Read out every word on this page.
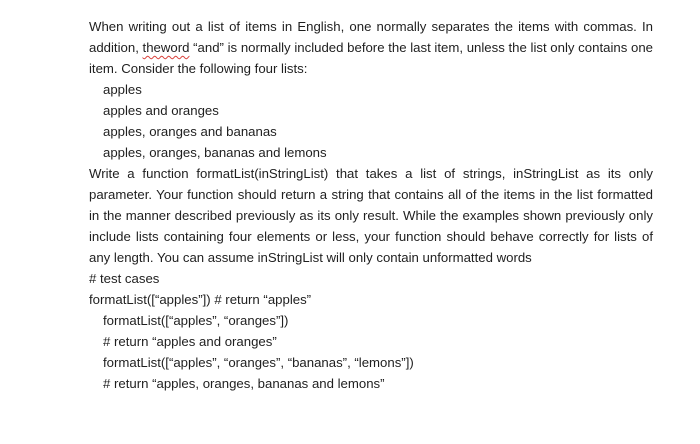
When writing out a list of items in English, one normally separates the items with commas. In addition, theword “and” is normally included before the last item, unless the list only contains one item. Consider the following four lists:

apples
apples and oranges
apples, oranges and bananas
apples, oranges, bananas and lemons

Write a function formatList(inStringList) that takes a list of strings, inStringList as its only parameter. Your function should return a string that contains all of the items in the list formatted in the manner described previously as its only result. While the examples shown previously only include lists containing four elements or less, your function should behave correctly for lists of any length. You can assume inStringList will only contain unformatted words

# test cases

formatList([“apples”]) # return “apples”

formatList([“apples”, “oranges”])

# return “apples and oranges”

formatList([“apples”, “oranges”, “bananas”, “lemons”])

# return “apples, oranges, bananas and lemons”
